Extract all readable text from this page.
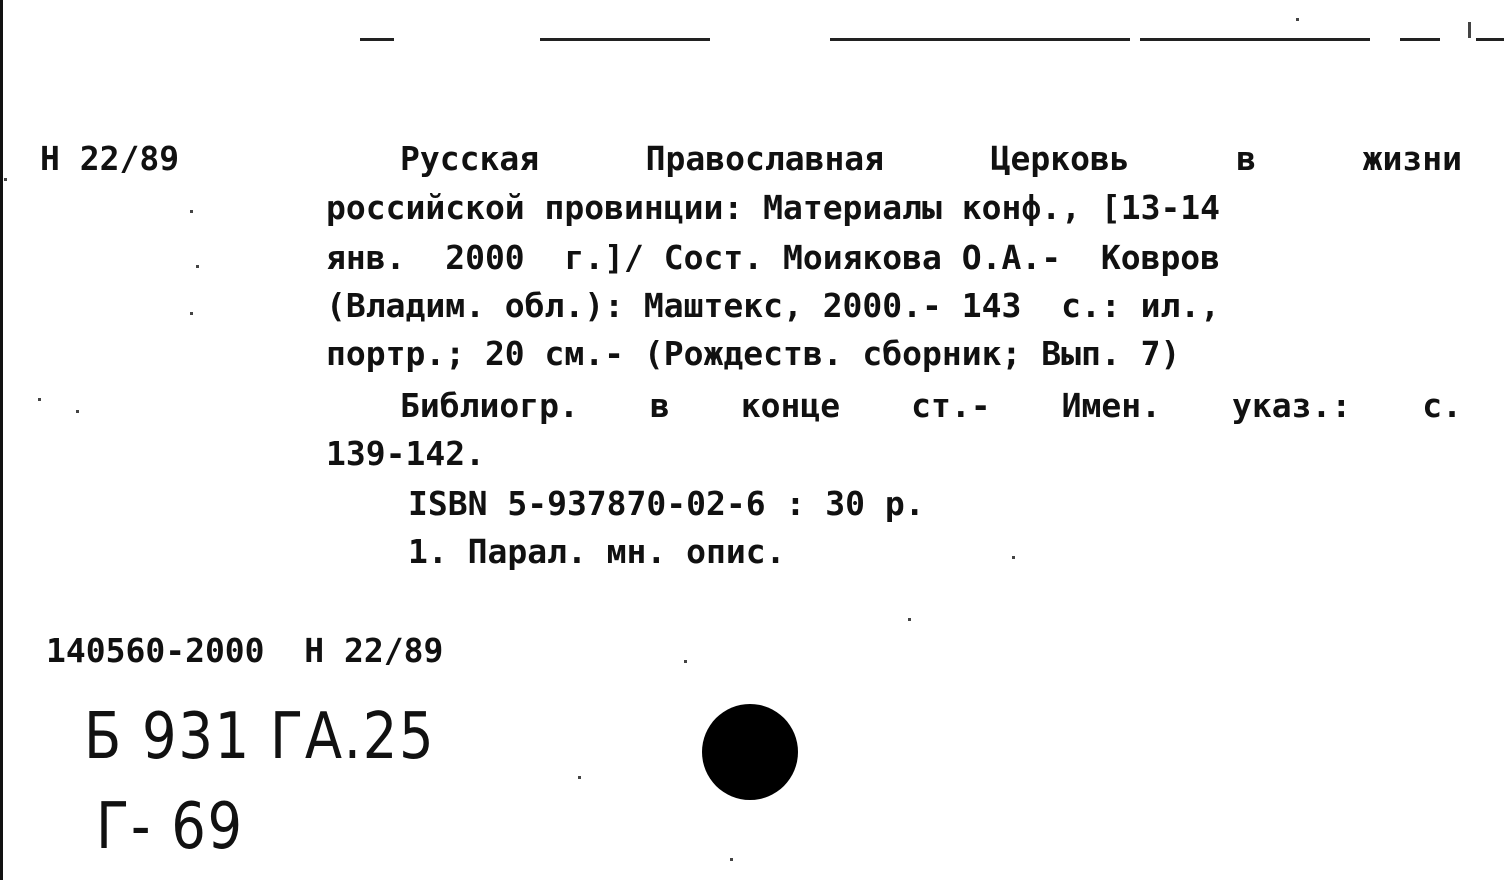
Н 22/89	Русская Православная Церковь в жизни
российской провинции: Материалы конф., [13-14
янв.  2000  г.]/ Сост. Моиякова О.А.-  Ковров
(Владим. обл.): Маштекс, 2000.- 143  с.: ил.,
портр.; 20 см.- (Рождеств. сборник; Вып. 7)
Библиогр. в конце ст.- Имен. указ.: с.
139-142.
ISBN 5-937870-02-6 : 30 р.
1. Парал. мн. опис.
140560-2000  Н 22/89
Б 931 ГА.25
Г- 69
